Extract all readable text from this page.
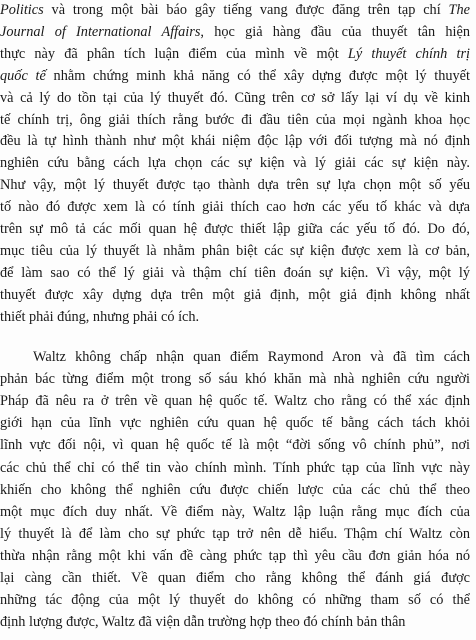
Politics và trong một bài báo gây tiếng vang được đăng trên tạp chí The
Journal of International Affairs, học giả hàng đầu của thuyết tân hiện
thực này đã phân tích luận điểm của mình về một Lý thuyết chính trị
quốc tế nhằm chứng minh khả năng có thể xây dựng được một lý thuyết
và cả lý do tồn tại của lý thuyết đó. Cũng trên cơ sở lấy lại ví dụ về kinh
tế chính trị, ông giải thích rằng bước đi đầu tiên của mọi ngành khoa học
đều là tự hình thành như một khái niệm độc lập với đối tượng mà nó định
nghiên cứu bằng cách lựa chọn các sự kiện và lý giải các sự kiện này.
Như vậy, một lý thuyết được tạo thành dựa trên sự lựa chọn một số yếu
tố nào đó được xem là có tính giải thích cao hơn các yếu tố khác và dựa
trên sự mô tả các mối quan hệ được thiết lập giữa các yếu tố đó. Do đó,
mục tiêu của lý thuyết là nhằm phân biệt các sự kiện được xem là cơ bản,
để làm sao có thể lý giải và thậm chí tiên đoán sự kiện. Vì vậy, một lý
thuyết được xây dựng dựa trên một giả định, một giả định không nhất
thiết phải đúng, nhưng phải có ích.
Waltz không chấp nhận quan điểm Raymond Aron và đã tìm cách
phản bác từng điểm một trong số sáu khó khăn mà nhà nghiên cứu người
Pháp đã nêu ra ở trên về quan hệ quốc tế. Waltz cho rằng có thể xác định
giới hạn của lĩnh vực nghiên cứu quan hệ quốc tế bằng cách tách khỏi
lĩnh vực đối nội, vì quan hệ quốc tế là một “đời sống vô chính phủ”, nơi
các chủ thể chỉ có thể tin vào chính mình. Tính phức tạp của lĩnh vực này
khiến cho không thể nghiên cứu được chiến lược của các chủ thể theo
một mục đích duy nhất. Về điểm này, Waltz lập luận rằng mục đích của
lý thuyết là để làm cho sự phức tạp trở nên dễ hiểu. Thậm chí Waltz còn
thừa nhận rằng một khi vấn đề càng phức tạp thì yêu cầu đơn giản hóa nó
lại càng cần thiết. Về quan điểm cho rằng không thể đánh giá được
những tác động của một lý thuyết do không có những tham số có thể
định lượng được, Waltz đã viện dẫn trường hợp theo đó chính bản thân
